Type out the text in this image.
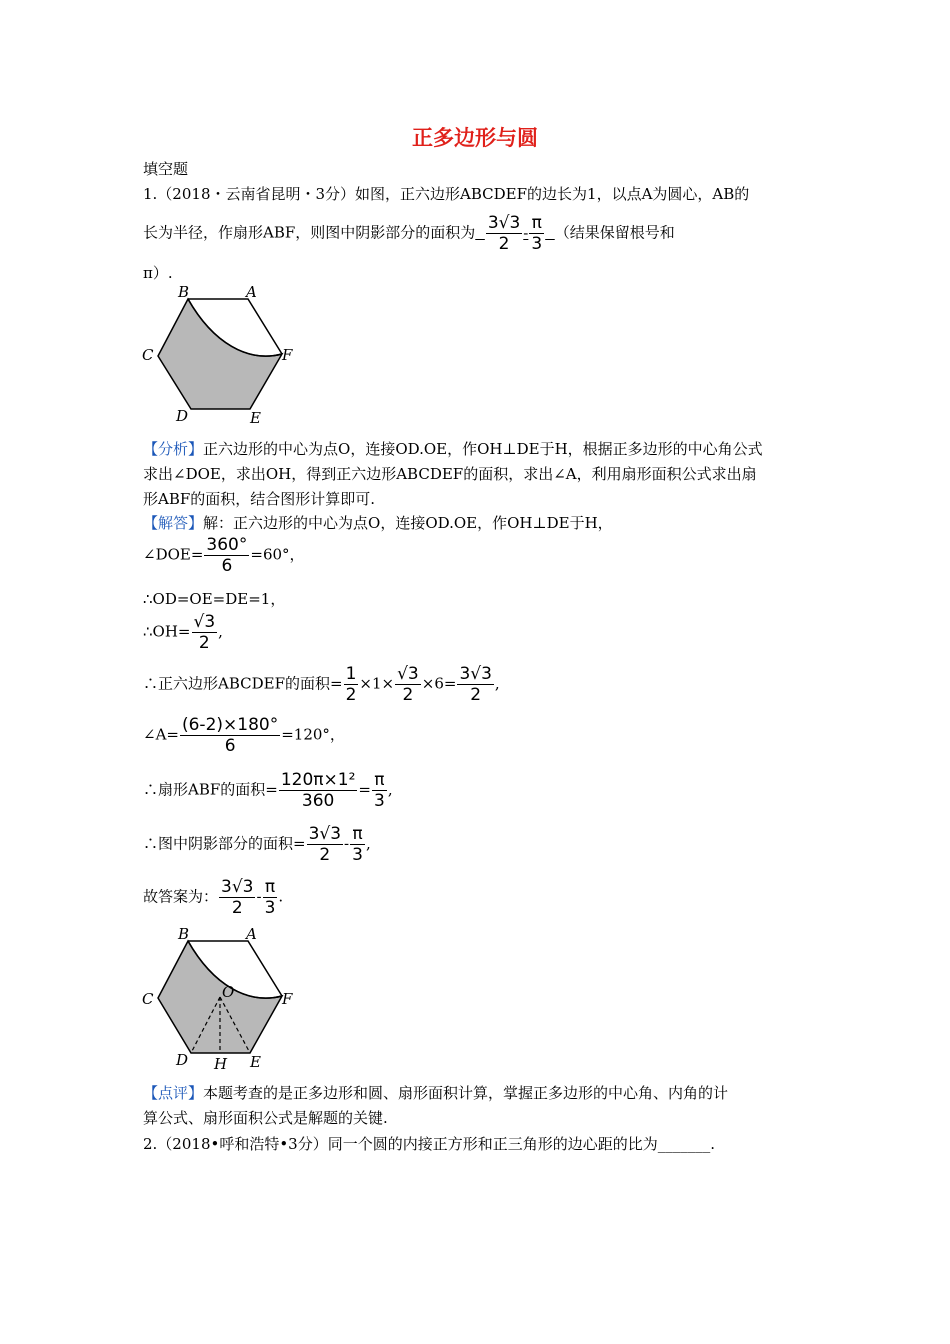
正多边形与圆
填空题
1.（2018・云南省昆明・3分）如图，正六边形ABCDEF的边长为1，以点A为圆心，AB的
长为半径，作扇形ABF，则图中阴影部分的面积为 $\frac{3√3}{2} - \frac{\pi}{3}$ （结果保留根号和
π）.
B	A
C	F
D	E
【分析】正六边形的中心为点O，连接OD.OE，作OH⊥DE于H，根据正多边形的中心角公式
求出∠DOE，求出OH，得到正六边形ABCDEF的面积，求出∠A，利用扇形面积公式求出扇
形ABF的面积，结合图形计算即可.
【解答】解：正六边形的中心为点O，连接OD.OE，作OH⊥DE于H，
∠DOE= $\frac{360^\circ}{6} =60^\circ$，
∴OD=OE=DE=1，
∴OH= $\frac{√3}{2}$ ,
∴正六边形ABCDEF的面积= $\frac{1}{2} \times 1\times \frac{√3}{2} \times 6= \frac{3√3}{2}$ ,
∠A= $\frac{(6-2)\times 180^\circ}{6} =120^\circ$，
∴扇形ABF的面积= $\frac{\text{120π×1²}}{360} = \frac{\pi}{3}$ ,
∴图中阴影部分的面积= $\frac{3√3}{2} - \frac{\pi}{3}$ ,
故答案为： $\frac{3√3}{2} - \frac{\pi}{3}$ .
B	A
C	O	F
D H E
【点评】本题考查的是正多边形和圆、扇形面积计算，掌握正多边形的中心角、内角的计
算公式、扇形面积公式是解题的关键.
2.（2018•呼和浩特•3分）同一个圆的内接正方形和正三角形的边心距的比为_______.
